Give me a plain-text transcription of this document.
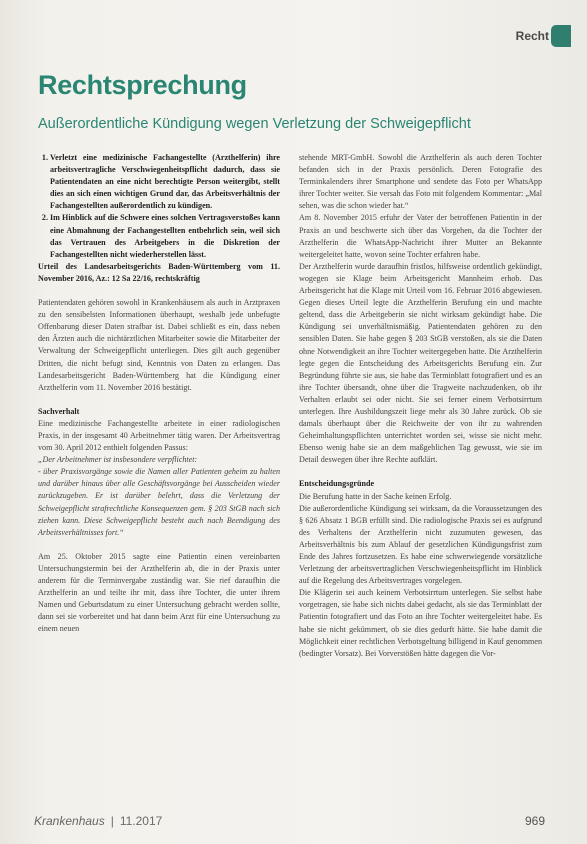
Recht
Rechtsprechung
Außerordentliche Kündigung wegen Verletzung der Schweigepflicht
1. Verletzt eine medizinische Fachangestellte (Arzthelferin) ihre arbeitsvertragliche Verschwiegenheitspflicht dadurch, dass sie Patientendaten an eine nicht berechtigte Person weitergibt, stellt dies an sich einen wichtigen Grund dar, das Arbeitsverhältnis der Fachangestellten außerordentlich zu kündigen.
2. Im Hinblick auf die Schwere eines solchen Vertragsverstoßes kann eine Abmahnung der Fachangestellten entbehrlich sein, weil sich das Vertrauen des Arbeitgebers in die Diskretion der Fachangestellten nicht wiederherstellen lässt.

Urteil des Landesarbeitsgerichts Baden-Württemberg vom 11. November 2016, Az.: 12 Sa 22/16, rechtskräftig

Patientendaten gehören sowohl in Krankenhäusern als auch in Arztpraxen zu den sensibelsten Informationen überhaupt, weshalb jede unbefugte Offenbarung dieser Daten strafbar ist. Dabei schließt es ein, dass neben den Ärzten auch die nichtärztlichen Mitarbeiter sowie die Mitarbeiter der Verwaltung der Schweigepflicht unterliegen. Dies gilt auch gegenüber Dritten, die nicht befugt sind, Kenntnis von Daten zu erlangen. Das Landesarbeitsgericht Baden-Württemberg hat die Kündigung einer Arzthelferin vom 11. November 2016 bestätigt.

Sachverhalt

Eine medizinische Fachangestellte arbeitete in einer radiologischen Praxis, in der insgesamt 40 Arbeitnehmer tätig waren. Der Arbeitsvertrag vom 30. April 2012 enthielt folgenden Passus:

„Der Arbeitnehmer ist insbesondere verpflichtet:

- über Praxisvorgänge sowie die Namen aller Patienten geheim zu halten und darüber hinaus über alle Geschäftsvorgänge bei Ausscheiden wieder zurückzugeben. Er ist darüber belehrt, dass die Verletzung der Schweigepflicht strafrechtliche Konsequenzen gem. § 203 StGB nach sich ziehen kann. Diese Schweigepflicht besteht auch nach Beendigung des Arbeitsverhältnisses fort.“

Am 25. Oktober 2015 sagte eine Patientin einen vereinbarten Untersuchungstermin bei der Arzthelferin ab, die in der Praxis unter anderem für die Terminvergabe zuständig war. Sie rief daraufhin die Arzthelferin an und teilte ihr mit, dass ihre Tochter, die unter ihrem Namen und Geburtsdatum zu einer Untersuchung gebracht werden sollte, dann sei sie vorbereitet und hat dann beim Arzt für eine Untersuchung zu einem neuen

stehende MRT-GmbH. Sowohl die Arzthelferin als auch deren Tochter befanden sich in der Praxis persönlich. Deren Fotografie des Terminkalenders ihrer Smartphone und sendete das Foto per WhatsApp ihrer Tochter weiter. Sie versah das Foto mit folgendem Kommentar: „Mal sehen, was die schon wieder hat.“

Am 8. November 2015 erfuhr der Vater der betroffenen Patientin in der Praxis an und beschwerte sich über das Vorgehen, da die Tochter der Arzthelferin die WhatsApp-Nachricht ihrer Mutter an Bekannte weitergeleitet hatte, wovon seine Tochter erfahren habe.

Der Arzthelferin wurde daraufhin fristlos, hilfsweise ordentlich gekündigt, wogegen sie Klage beim Arbeitsgericht Mannheim erhob. Das Arbeitsgericht hat die Klage mit Urteil vom 16. Februar 2016 abgewiesen. Gegen dieses Urteil legte die Arzthelferin Berufung ein und machte geltend, dass die Arbeitgeberin sie nicht wirksam gekündigt habe. Die Kündigung sei unverhältnismäßig. Patientendaten gehören zu den sensiblen Daten. Sie habe gegen § 203 StGB verstoßen, als sie die Daten ohne Notwendigkeit an ihre Tochter weitergegeben hatte. Die Arzthelferin legte gegen die Entscheidung des Arbeitsgerichts Berufung ein. Zur Begründung führte sie aus, sie habe das Terminblatt fotografiert und es an ihre Tochter übersandt, ohne über die Tragweite nachzudenken, ob ihr Verhalten erlaubt sei oder nicht. Sie sei ferner einem Verbotsirrtum unterlegen. Ihre Ausbildungszeit liege mehr als 30 Jahre zurück. Ob sie damals überhaupt über die Reichweite der von ihr zu wahrenden Geheimhaltungspflichten unterrichtet worden sei, wisse sie nicht mehr. Ebenso wenig habe sie an dem maßgeblichen Tag gewusst, wie sie im Detail deswegen über ihre Rechte aufklärt.

Entscheidungsgründe

Die Berufung hatte in der Sache keinen Erfolg.

Die außerordentliche Kündigung sei wirksam, da die Voraussetzungen des § 626 Absatz 1 BGB erfüllt sind. Die radiologische Praxis sei es aufgrund des Verhaltens der Arzthelferin nicht zuzumuten gewesen, das Arbeitsverhältnis bis zum Ablauf der gesetzlichen Kündigungsfrist zum Ende des Jahres fortzusetzen. Es habe eine schwerwiegende vorsätzliche Verletzung der arbeitsvertraglichen Verschwiegenheitspflicht im Hinblick auf die Regelung des Arbeitsvertrages vorgelegen.

Die Klägerin sei auch keinem Verbotsirrtum unterlegen. Sie selbst habe vorgetragen, sie habe sich nichts dabei gedacht, als sie das Terminblatt der Patientin fotografiert und das Foto an ihre Tochter weitergeleitet habe. Es habe sie nicht gekümmert, ob sie dies gedurft hätte. Sie habe damit die Möglichkeit einer rechtlichen Verbotsgeltung billigend in Kauf genommen (bedingter Vorsatz). Bei Vorverstößen hätte dagegen die Vor-

Krankenhaus | 11.2017	969
